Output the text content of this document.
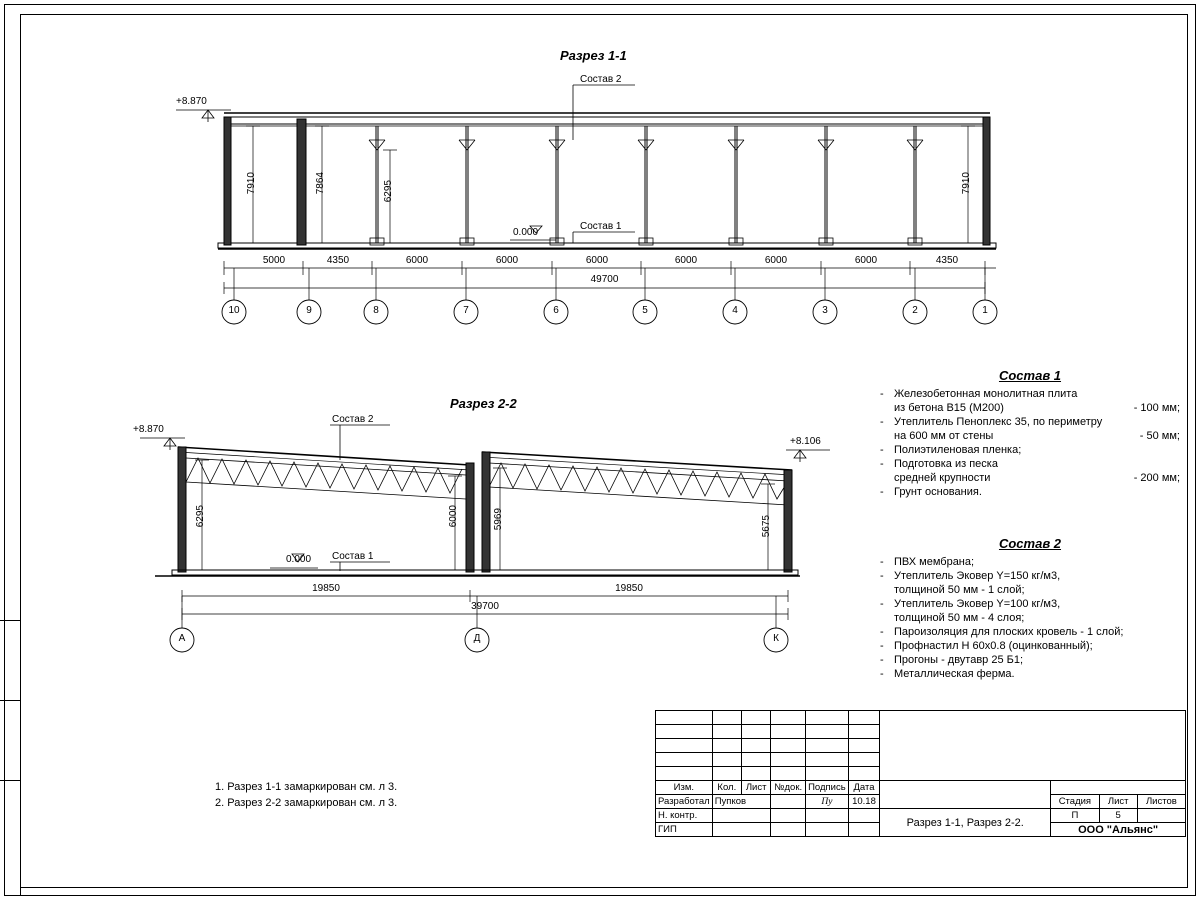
Разрез 1-1
+8.870
0.000
Состав 2
Состав 1
7910	7864	6295	7910
5000	4350	6000	6000	6000	6000	6000	6000	4350
49700
10	9	8	7	6	5	4	3	2	1
Разрез 2-2
+8.870
+8.106
0.000
Состав 2
Состав 1
6295	6000	5969	5675
19850	19850
39700
А	Д	К
Состав 1
- Железобетонная монолитная плита
из бетона В15 (М200)	- 100 мм;
- Утеплитель Пеноплекс 35, по периметру
на 600 мм от стены	- 50 мм;
- Полиэтиленовая пленка;
- Подготовка из песка
средней крупности	- 200 мм;
- Грунт основания.
Состав 2
- ПВХ мембрана;
- Утеплитель Эковер Y=150 кг/м3,
толщиной 50 мм - 1 слой;
- Утеплитель Эковер Y=100 кг/м3,
толщиной 50 мм - 4 слоя;
- Пароизоляция для плоских кровель - 1 слой;
- Профнастил Н 60х0.8 (оцинкованный);
- Прогоны - двутавр 25 Б1;
- Металлическая ферма.
1. Разрез 1-1 замаркирован см. л 3.
2. Разрез 2-2 замаркирован см. л 3.

Изм.	Кол.	Лист	№док.	Подпись	Дата				
Разработал	Пупков			Пу	10.18		Стадия	Лист	Листов
Н. контр.						Разрез 1-1, Разрез 2-2.	П	5	
ГИП							ООО "Альянс"		
